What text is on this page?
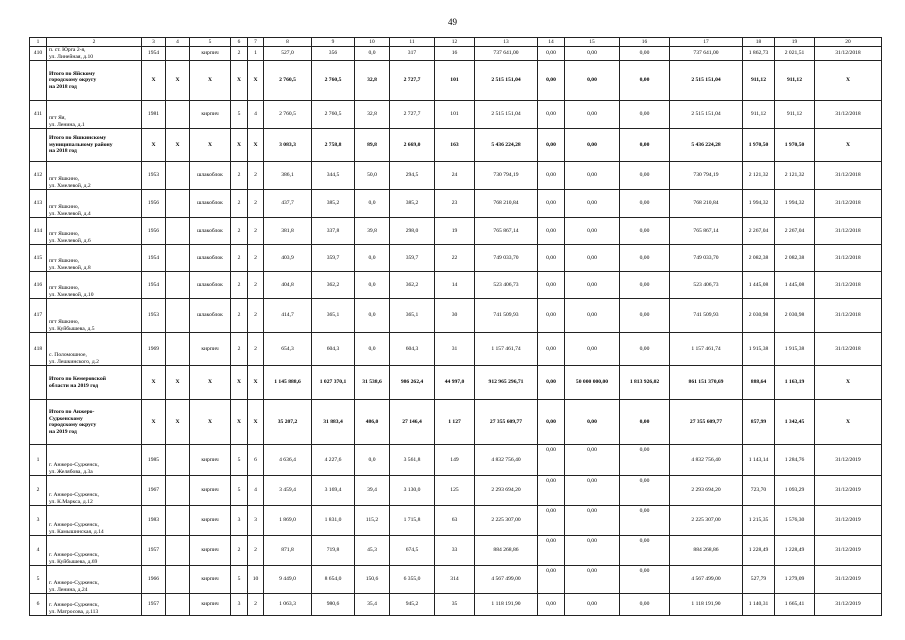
49
1	2	3	4	5	6	7	8	9	10	11	12	13	14	15	16	17	18	19	20
410	п. ст. Юрга 2-я,
ул. Линейная, д.10	1954		кирпич	2	1	527,0	356	0,0	317	16	737 641,00	0,00	0,00	0,00	737 641,00	1 862,73	2 021,51	31/12/2018
	Итого по Яйскому
городскому округу
на 2018 год	X	X	X	X	X	2 760,5	2 760,5	32,8	2 727,7	101	2 515 151,04	0,00	0,00	0,00	2 515 151,04	911,12	911,12	X
411	пгт Яя,
ул. Ленина, д.1	1981		кирпич	5	4	2 760,5	2 760,5	32,8	2 727,7	101	2 515 151,04	0,00	0,00	0,00	2 515 151,04	911,12	911,12	31/12/2018
	Итого по Яшкинскому
муниципальному району
на 2018 год	X	X	X	X	X	3 083,3	2 758,8	89,8	2 669,0	163	5 436 224,28	0,00	0,00	0,00	5 436 224,28	1 970,50	1 970,50	X
412	пгт Яшкино,
ул. Хмелевой, д.2	1953		шлакоблок	2	2	386,1	344,5	50,0	294,5	24	730 794,19	0,00	0,00	0,00	730 794,19	2 121,32	2 121,32	31/12/2018
413	пгт Яшкино,
ул. Хмелевой, д.4	1956		шлакоблок	2	2	437,7	385,2	0,0	385,2	23	768 210,84	0,00	0,00	0,00	768 210,84	1 994,32	1 994,32	31/12/2018
414	пгт Яшкино,
ул. Хмелевой, д.6	1956		шлакоблок	2	2	381,8	337,8	39,8	298,0	19	765 867,14	0,00	0,00	0,00	765 867,14	2 267,04	2 267,04	31/12/2018
415	пгт Яшкино,
ул. Хмелевой, д.8	1954		шлакоблок	2	2	403,9	359,7	0,0	359,7	22	749 033,70	0,00	0,00	0,00	749 033,70	2 082,38	2 082,38	31/12/2018
416	пгт Яшкино,
ул. Хмелевой, д.10	1954		шлакоблок	2	2	404,8	362,2	0,0	362,2	14	523 406,73	0,00	0,00	0,00	523 406,73	1 445,08	1 445,08	31/12/2018
417	пгт Яшкино,
ул. Куйбышева, д.5	1953		шлакоблок	2	2	414,7	365,1	0,0	365,1	30	741 509,93	0,00	0,00	0,00	741 509,93	2 030,98	2 030,98	31/12/2018
418	с. Поломошное,
ул. Лешкинского, д.2	1969		кирпич	2	2	654,3	604,3	0,0	604,3	31	1 157 461,74	0,00	0,00	0,00	1 157 461,74	1 915,38	1 915,38	31/12/2018
	Итого по Кемеровской
области на 2019 год	X	X	X	X	X	1 145 888,6	1 027 370,1	31 538,6	986 262,4	44 997,0	912 965 296,71	0,00	50 000 000,00	1 813 926,02	861 151 370,69	888,64	1 163,19	X
	Итого по Анжеро-
Судженскому
городскому округу
на 2019 год	X	X	X	X	X	35 207,2	31 883,4	486,0	27 146,4	1 127	27 355 609,77	0,00	0,00	0,00	27 355 609,77	857,99	1 342,45	X
1	г. Анжеро-Судженск,
ул. Желябова, д.3а	1985		кирпич	5	6	4 636,4	4 227,6	0,0	3 561,8	149	4 832 756,40	0,00	0,00	0,00	4 832 756,40	1 143,14	1 284,76	31/12/2019
2	г. Анжеро-Судженск,
ул. К.Маркса, д.12	1967		кирпич	5	4	3 459,4	3 169,4	39,4	3 130,0	125	2 293 694,20	0,00	0,00	0,00	2 293 694,20	723,70	1 093,29	31/12/2019
3	г. Анжеро-Судженск,
ул. Камышинская, д.14	1983		кирпич	3	3	1 869,0	1 831,0	115,2	1 715,8	63	2 225 307,00	0,00	0,00	0,00	2 225 307,00	1 215,35	1 576,30	31/12/2019
4	г. Анжеро-Судженск,
ул. Куйбышева, д.69	1957		кирпич	2	2	871,8	719,8	45,3	674,5	33	884 268,86	0,00	0,00	0,00	884 268,86	1 228,49	1 228,49	31/12/2019
5	г. Анжеро-Судженск,
ул. Ленина, д.24	1966		кирпич	5	10	9 449,0	8 654,0	150,6	6 355,0	314	4 567 499,00	0,00	0,00	0,00	4 567 499,00	527,79	1 279,09	31/12/2019
6	г. Анжеро-Судженск,
ул. Матросова, д.113	1957		кирпич	3	2	1 063,3	980,6	35,4	945,2	35	1 118 191,90	0,00	0,00	0,00	1 118 191,90	1 140,31	1 665,41	31/12/2019
